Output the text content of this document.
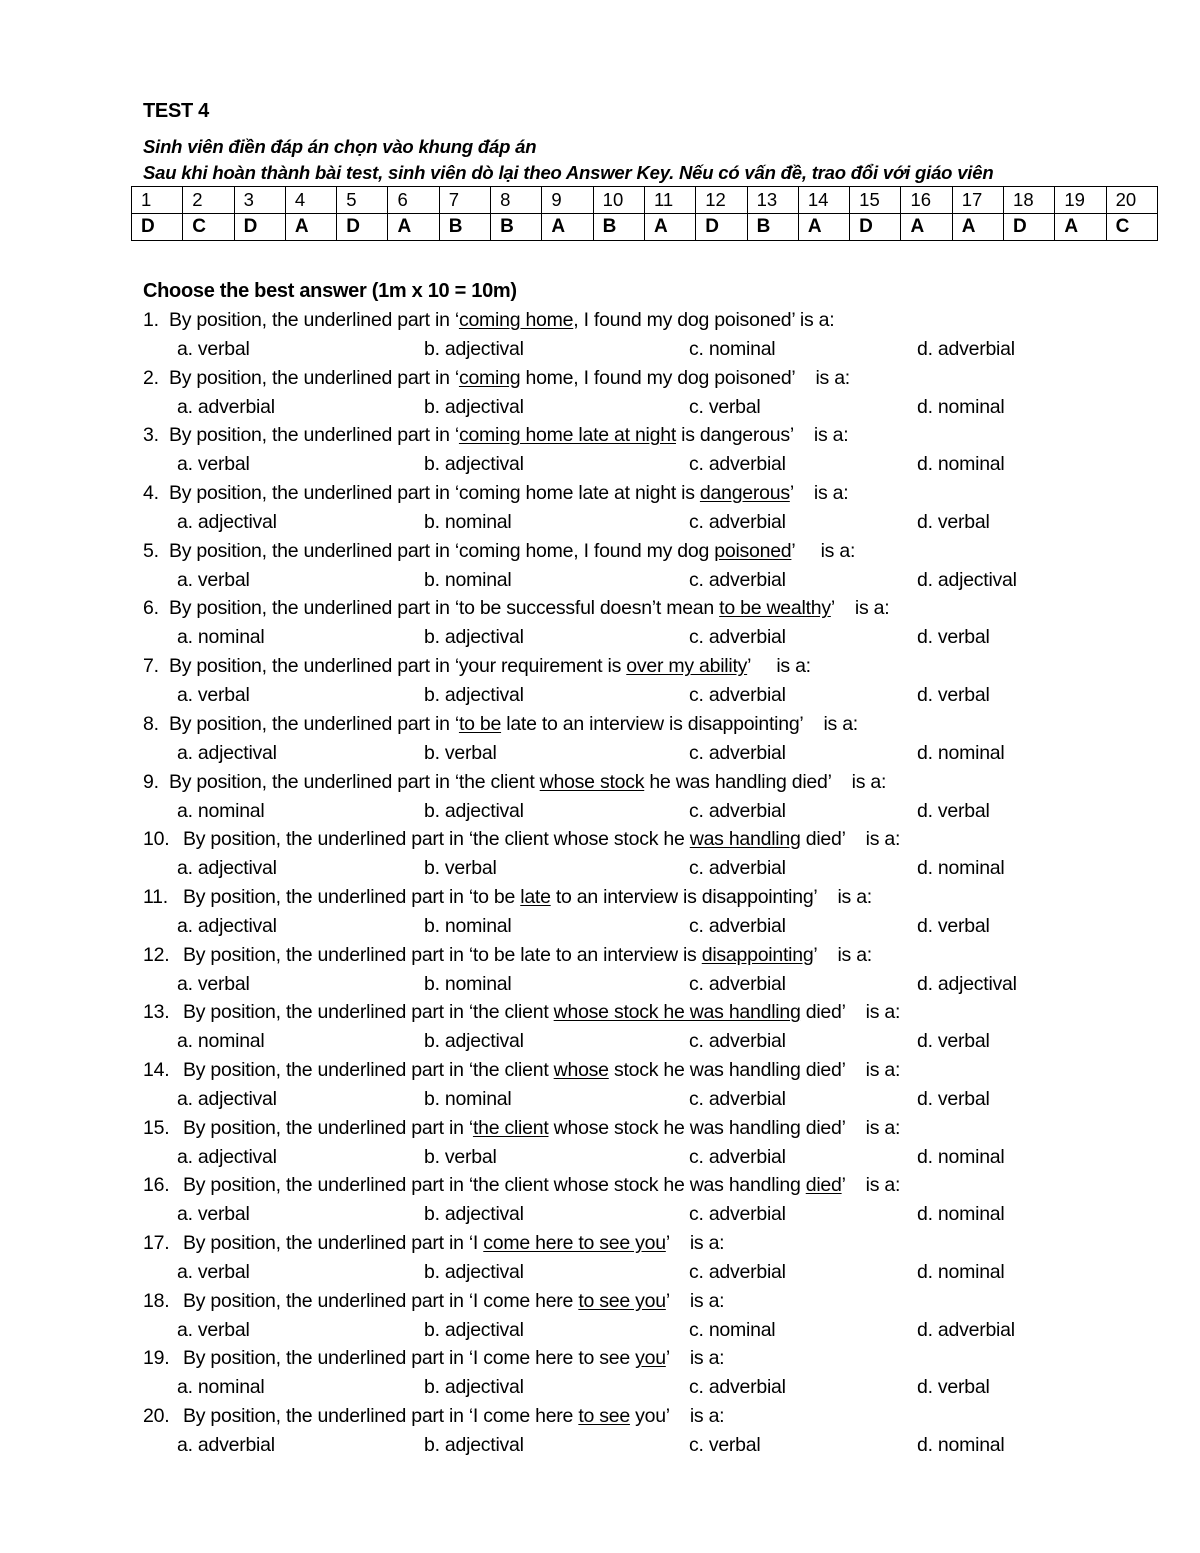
TEST 4
Sinh viên điền đáp án chọn vào khung đáp án
Sau khi hoàn thành bài test, sinh viên dò lại theo Answer Key. Nếu có vấn đề, trao đổi với giáo viên
1	2	3	4	5	6	7	8	9	10	11	12	13	14	15	16	17	18	19	20
D	C	D	A	D	A	B	B	A	B	A	D	B	A	D	A	A	D	A	C
Choose the best answer (1m x 10 = 10m)
1. By position, the underlined part in ‘coming home, I found my dog poisoned’ is a:
a. verbal	b. adjectival	c. nominal	d. adverbial
2. By position, the underlined part in ‘coming home, I found my dog poisoned’    is a:
a. adverbial	b. adjectival	c. verbal	d. nominal
3. By position, the underlined part in ‘coming home late at night is dangerous’    is a:
a. verbal	b. adjectival	c. adverbial	d. nominal
4. By position, the underlined part in ‘coming home late at night is dangerous’    is a:
a. adjectival	b. nominal	c. adverbial	d. verbal
5. By position, the underlined part in ‘coming home, I found my dog poisoned’     is a:
a. verbal	b. nominal	c. adverbial	d. adjectival
6. By position, the underlined part in ‘to be successful doesn’t mean to be wealthy’    is a:
a. nominal	b. adjectival	c. adverbial	d. verbal
7. By position, the underlined part in ‘your requirement is over my ability’     is a:
a. verbal	b. adjectival	c. adverbial	d. verbal
8. By position, the underlined part in ‘to be late to an interview is disappointing’    is a:
a. adjectival	b. verbal	c. adverbial	d. nominal
9. By position, the underlined part in ‘the client whose stock he was handling died’    is a:
a. nominal	b. adjectival	c. adverbial	d. verbal
10. By position, the underlined part in ‘the client whose stock he was handling died’    is a:
a. adjectival	b. verbal	c. adverbial	d. nominal
11. By position, the underlined part in ‘to be late to an interview is disappointing’    is a:
a. adjectival	b. nominal	c. adverbial	d. verbal
12. By position, the underlined part in ‘to be late to an interview is disappointing’    is a:
a. verbal	b. nominal	c. adverbial	d. adjectival
13. By position, the underlined part in ‘the client whose stock he was handling died’    is a:
a. nominal	b. adjectival	c. adverbial	d. verbal
14. By position, the underlined part in ‘the client whose stock he was handling died’    is a:
a. adjectival	b. nominal	c. adverbial	d. verbal
15. By position, the underlined part in ‘the client whose stock he was handling died’    is a:
a. adjectival	b. verbal	c. adverbial	d. nominal
16. By position, the underlined part in ‘the client whose stock he was handling died’    is a:
a. verbal	b. adjectival	c. adverbial	d. nominal
17. By position, the underlined part in ‘I come here to see you’    is a:
a. verbal	b. adjectival	c. adverbial	d. nominal
18. By position, the underlined part in ‘I come here to see you’    is a:
a. verbal	b. adjectival	c. nominal	d. adverbial
19. By position, the underlined part in ‘I come here to see you’    is a:
a. nominal	b. adjectival	c. adverbial	d. verbal
20. By position, the underlined part in ‘I come here to see you’    is a:
a. adverbial	b. adjectival	c. verbal	d. nominal
